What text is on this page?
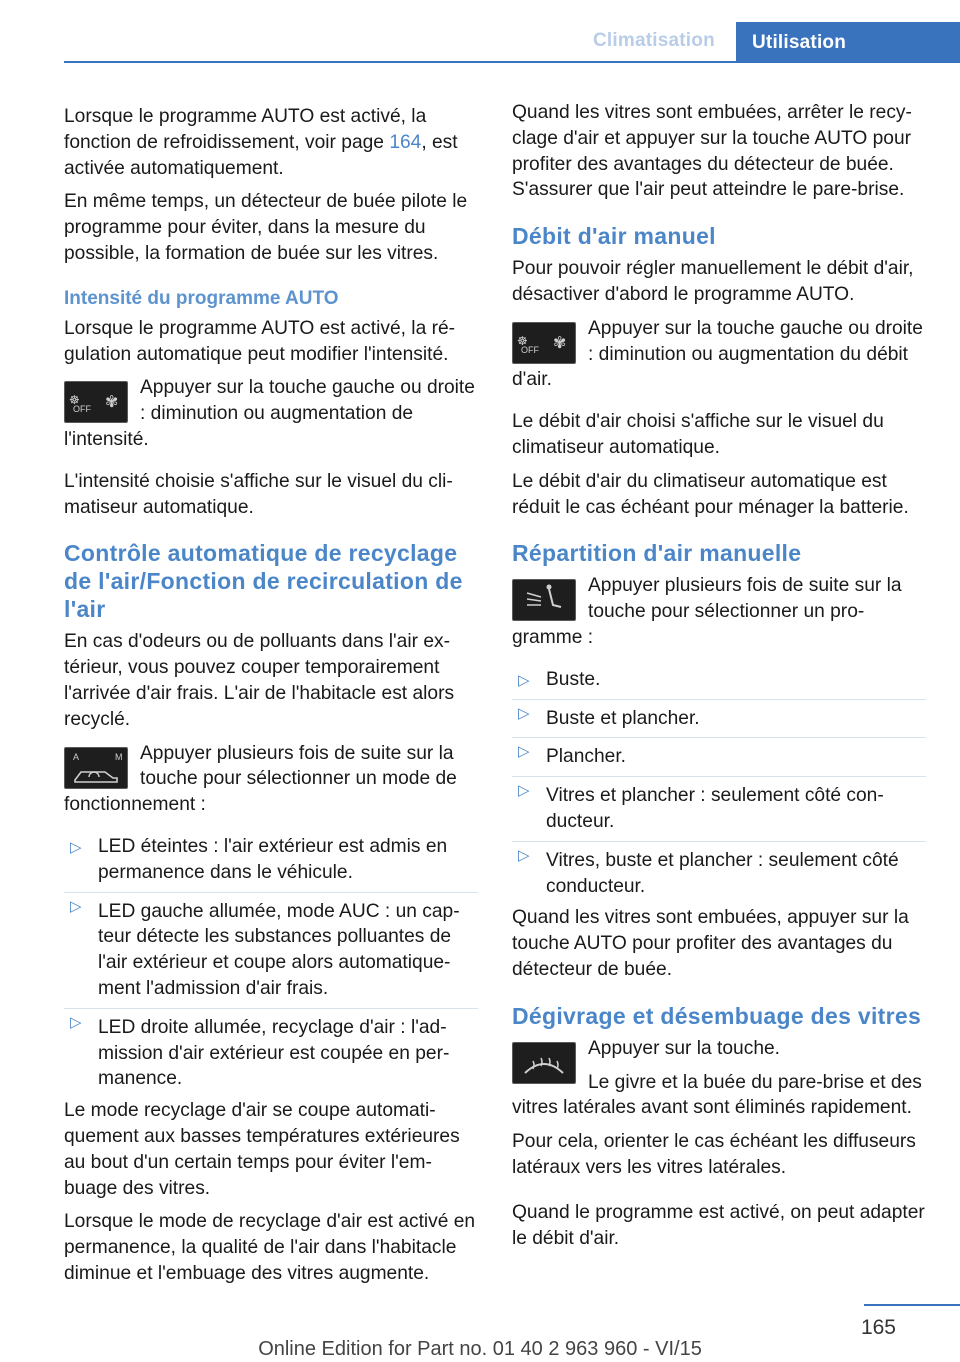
Climatisation	Utilisation

Lorsque le programme AUTO est activé, la fonction de refroidissement, voir page 164, est activée automatiquement.

En même temps, un détecteur de buée pilote le programme pour éviter, dans la mesure du possible, la formation de buée sur les vitres.

Intensité du programme AUTO

Lorsque le programme AUTO est activé, la régulation automatique peut modifier l'intensité.

OFF ✾
☸
Appuyer sur la touche gauche ou droite : diminution ou augmentation de l'intensité.

L'intensité choisie s'affiche sur le visuel du climatiseur automatique.

Contrôle automatique de recyclage de l'air/Fonction de recirculation de l'air

En cas d'odeurs ou de polluants dans l'air extérieur, vous pouvez couper temporairement l'arrivée d'air frais. L'air de l'habitacle est alors recyclé.

A	M Appuyer plusieurs fois de suite sur la touche pour sélectionner un mode de fonctionnement :
▷ LED éteintes : l'air extérieur est admis en permanence dans le véhicule.
▷ LED gauche allumée, mode AUC : un capteur détecte les substances polluantes de l'air extérieur et coupe alors automatiquement l'admission d'air frais.
▷ LED droite allumée, recyclage d'air : l'admission d'air extérieur est coupée en permanence.

Le mode recyclage d'air se coupe automatiquement aux basses températures extérieures au bout d'un certain temps pour éviter l'embuage des vitres.

Lorsque le mode de recyclage d'air est activé en permanence, la qualité de l'air dans l'habitacle diminue et l'embuage des vitres augmente.

Quand les vitres sont embuées, arrêter le recyclage d'air et appuyer sur la touche AUTO pour profiter des avantages du détecteur de buée. S'assurer que l'air peut atteindre le pare-brise.

Débit d'air manuel

Pour pouvoir régler manuellement le débit d'air, désactiver d'abord le programme AUTO.

OFF ✾
☸
Appuyer sur la touche gauche ou droite : diminution ou augmentation du débit d'air.

Le débit d'air choisi s'affiche sur le visuel du climatiseur automatique.

Le débit d'air du climatiseur automatique est réduit le cas échéant pour ménager la batterie.

Répartition d'air manuelle
Appuyer plusieurs fois de suite sur la touche pour sélectionner un programme :
▷ Buste.
▷ Buste et plancher.
▷ Plancher.
▷ Vitres et plancher : seulement côté conducteur.
▷ Vitres, buste et plancher : seulement côté conducteur.

Quand les vitres sont embuées, appuyer sur la touche AUTO pour profiter des avantages du détecteur de buée.

Dégivrage et désembuage des vitres

Appuyer sur la touche.

Le givre et la buée du pare-brise et des vitres latérales avant sont éliminés rapidement.

Pour cela, orienter le cas échéant les diffuseurs latéraux vers les vitres latérales.

Quand le programme est activé, on peut adapter le débit d'air.

165
Online Edition for Part no. 01 40 2 963 960 - VI/15
